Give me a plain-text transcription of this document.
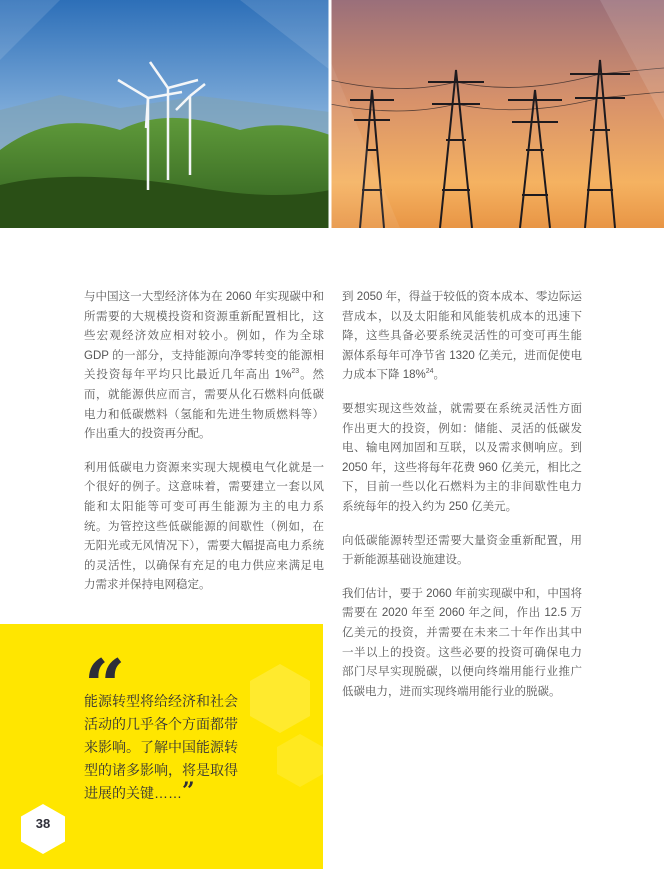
与中国这一大型经济体为在 2060 年实现碳中和所需要的大规模投资和资源重新配置相比，这些宏观经济效应相对较小。例如，作为全球 GDP 的一部分，支持能源向净零转变的能源相关投资每年平均只比最近几年高出 1%$^{23}$。然而，就能源供应而言，需要从化石燃料向低碳电力和低碳燃料（氢能和先进生物质燃料等）作出重大的投资再分配。

利用低碳电力资源来实现大规模电气化就是一个很好的例子。这意味着，需要建立一套以风能和太阳能等可变可再生能源为主的电力系统。为管控这些低碳能源的间歇性（例如，在无阳光或无风情况下），需要大幅提高电力系统的灵活性，以确保有充足的电力供应来满足电力需求并保持电网稳定。

到 2050 年，得益于较低的资本成本、零边际运营成本，以及太阳能和风能装机成本的迅速下降，这些具备必要系统灵活性的可变可再生能源体系每年可净节省 1320 亿美元，进而促使电力成本下降 18%$^{24}$。

要想实现这些效益，就需要在系统灵活性方面作出更大的投资，例如：储能、灵活的低碳发电、输电网加固和互联，以及需求侧响应。到 2050 年，这些将每年花费 960 亿美元，相比之下，目前一些以化石燃料为主的非间歇性电力系统每年的投入约为 250 亿美元。

向低碳能源转型还需要大量资金重新配置，用于新能源基础设施建设。

我们估计，要于 2060 年前实现碳中和，中国将需要在 2020 年至 2060 年之间，作出 12.5 万亿美元的投资，并需要在未来二十年作出其中一半以上的投资。这些必要的投资可确保电力部门尽早实现脱碳，以便向终端用能行业推广低碳电力，进而实现终端用能行业的脱碳。

“
能源转型将给经济和社会活动的几乎各个方面都带来影响。了解中国能源转型的诸多影响，将是取得进展的关键……”
38
